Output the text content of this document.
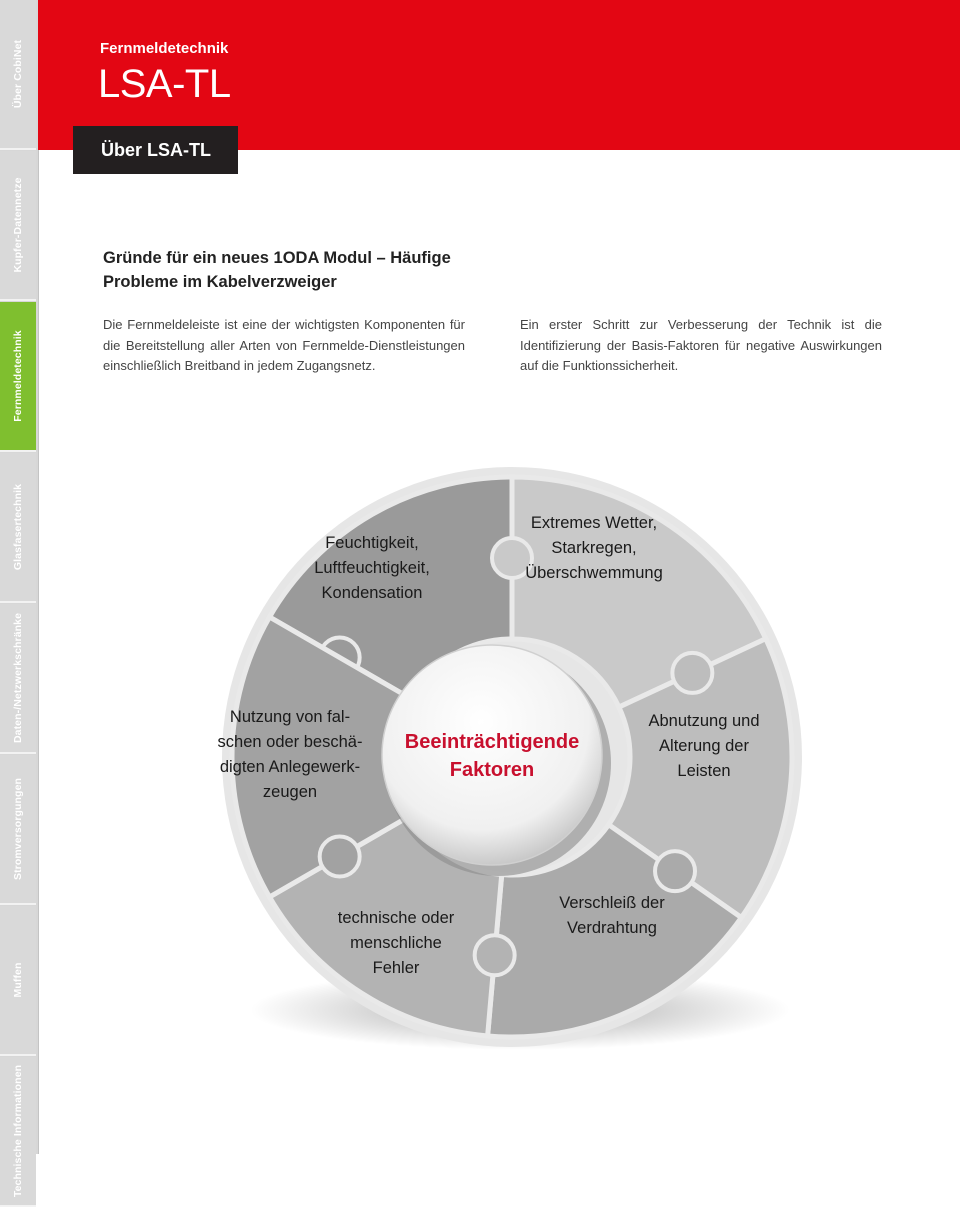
Über CobiNet
Kupfer-Datennetze
Fernmeldetechnik
Glasfasertechnik
Daten-/Netzwerkschränke
Stromversorgungen
Muffen
Technische Informationen
Fernmeldetechnik
LSA-TL
Über LSA-TL
Gründe für ein neues 1ODA Modul – Häufige
Probleme im Kabelverzweiger
Die Fernmeldeleiste ist eine der wichtigsten Komponenten für die Bereitstellung aller Arten von Fernmelde-Dienstleistungen einschließlich Breitband in jedem Zugangsnetz.
Ein erster Schritt zur Verbesserung der Technik ist die Identifizierung der Basis-Faktoren für negative Auswirkungen auf die Funktionssicherheit.
Beeinträchtigende
Faktoren
Feuchtigkeit,
Luftfeuchtigkeit,
Kondensation
Extremes Wetter,
Starkregen,
Überschwemmung
Abnutzung und
Alterung der
Leisten
Verschleiß der
Verdrahtung
technische oder
menschliche
Fehler
Nutzung von fal-
schen oder beschä-
digten Anlegewerk-
zeugen
